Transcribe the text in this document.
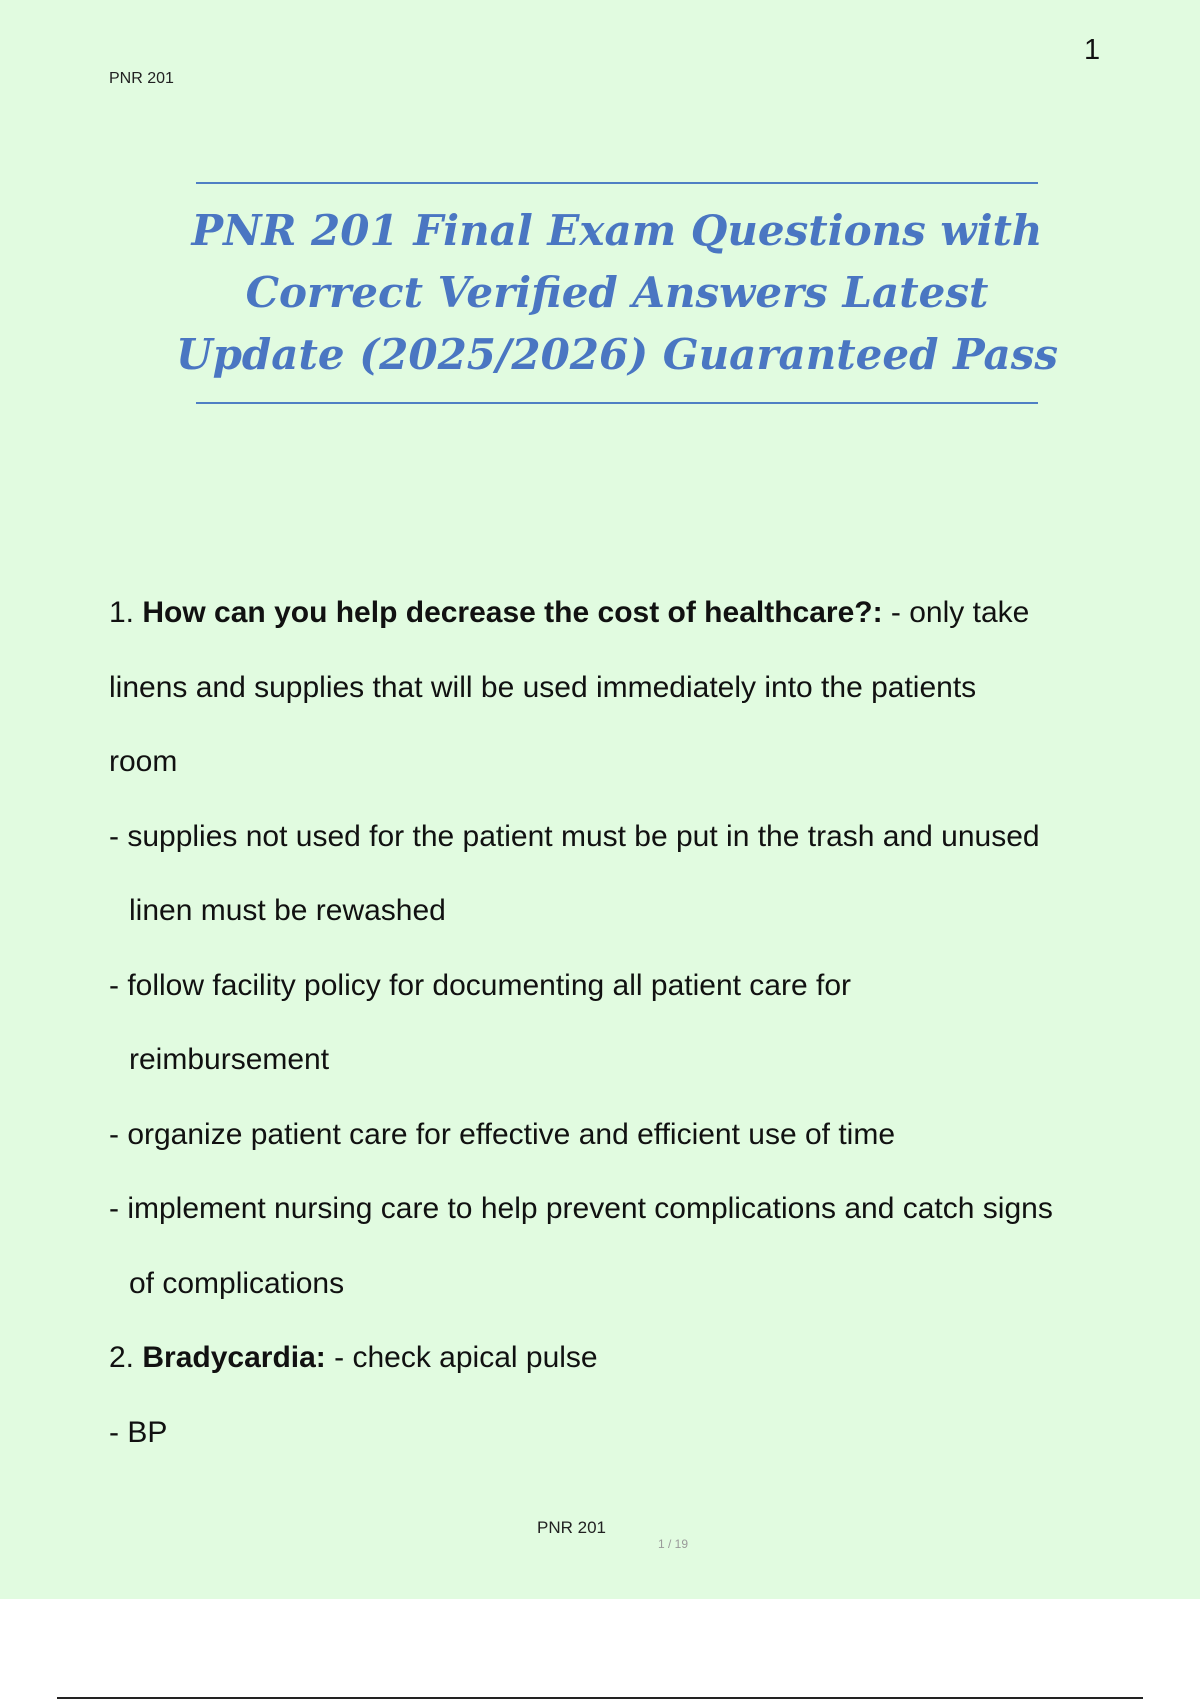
PNR 201
1
PNR 201 Final Exam Questions with
Correct Verified Answers Latest
Update (2025/2026) Guaranteed Pass
1. How can you help decrease the cost of healthcare?: - only take
linens and supplies that will be used immediately into the patients
room
- supplies not used for the patient must be put in the trash and unused
linen must be rewashed
- follow facility policy for documenting all patient care for
reimbursement
- organize patient care for effective and efficient use of time
- implement nursing care to help prevent complications and catch signs
of complications
2. Bradycardia: - check apical pulse
- BP
PNR 201
1 / 19
